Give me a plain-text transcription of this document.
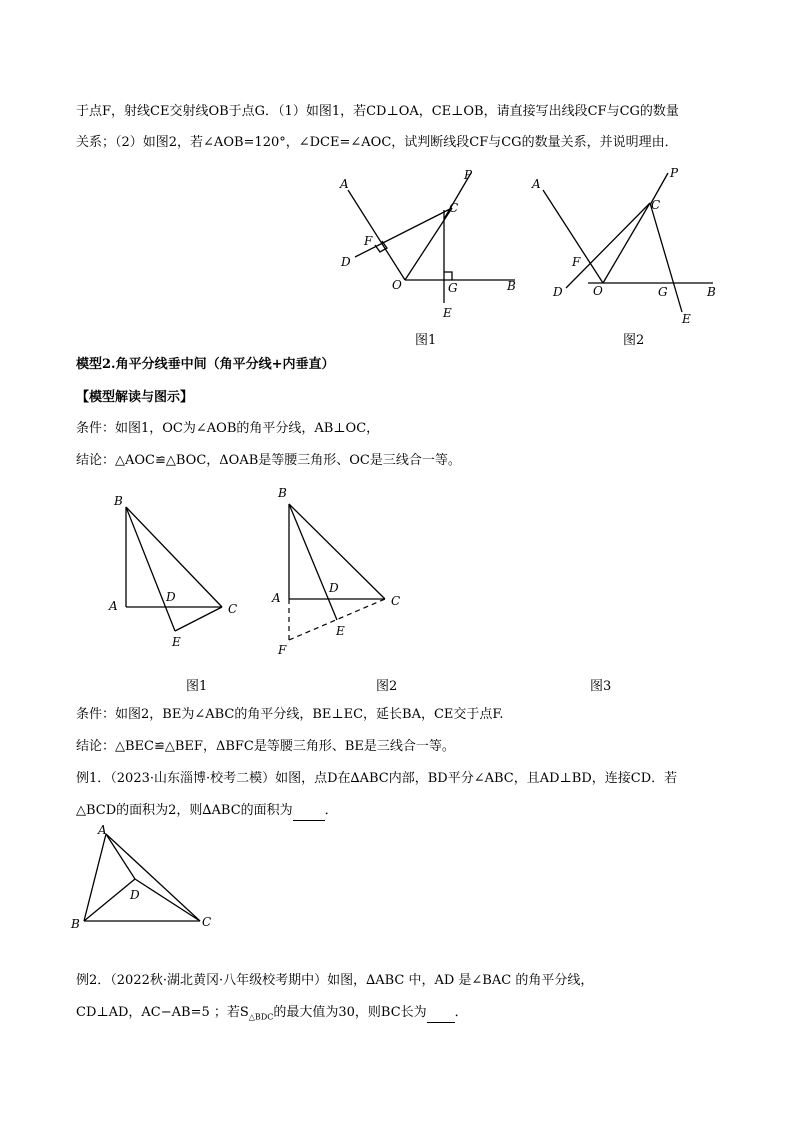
于点F，射线CE交射线OB于点G．（1）如图1，若CD⊥OA，CE⊥OB，请直接写出线段CF与CG的数量
关系；（2）如图2，若∠AOB=120°，∠DCE=∠AOC，试判断线段CF与CG的数量关系，并说明理由．
A
P
C
F
D
O	G	B
E
图1
A
P
C
F
D	O	G	B
E
图2
模型2.角平分线垂中间（角平分线+内垂直）
【模型解读与图示】
条件：如图1，OC为∠AOB的角平分线，AB⊥OC，
结论：△AOC≌△BOC，ΔOAB是等腰三角形、OC是三线合一等。
B
A
D
C
E
B
A
D
C
E
F
图1	图2	图3
条件：如图2，BE为∠ABC的角平分线，BE⊥EC，延长BA，CE交于点F.
结论：△BEC≌△BEF，ΔBFC是等腰三角形、BE是三线合一等。
例1．（2023·山东淄博·校考二模）如图，点D在∆ABC内部，BD平分∠ABC，且AD⊥BD，连接CD．若
△BCD的面积为2，则∆ABC的面积为 ．
A
D
B	C
例2．（2022秋·湖北黄冈·八年级校考期中）如图，∆ABC 中，AD 是∠BAC 的角平分线，
CD⊥AD，AC−AB=5 ；若$S_{\triangle BDC}$的最大值为30，则BC长为 ．
